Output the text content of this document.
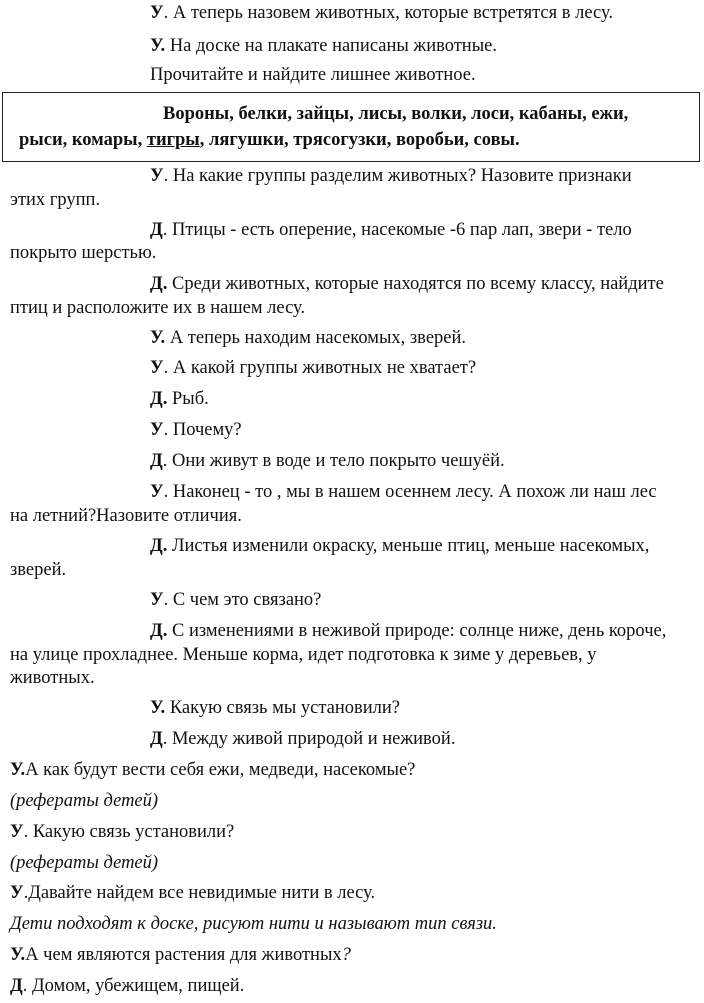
У. А теперь назовем животных, которые встретятся в лесу.
У. На доске на плакате написаны животные.
Прочитайте и найдите лишнее животное.
Вороны, белки, зайцы, лисы, волки, лоси, кабаны, ежи,
рыси, комары, тигры, лягушки, трясогузки, воробьи, совы.
У. На какие группы разделим животных? Назовите признаки
этих групп.
Д. Птицы - есть оперение, насекомые -6 пар лап, звери - тело
покрыто шерстью.
Д. Среди животных, которые находятся по всему классу, найдите
птиц и расположите их в нашем лесу.
У. А теперь находим насекомых, зверей.
У. А какой группы животных не хватает?
Д. Рыб.
У. Почему?
Д. Они живут в воде и тело покрыто чешуёй.
У. Наконец - то , мы в нашем осеннем лесу. А похож ли наш лес
на летний?Назовите отличия.
Д. Листья изменили окраску, меньше птиц, меньше насекомых,
зверей.
У. С чем это связано?
Д. С изменениями в неживой природе: солнце ниже, день короче,
на улице прохладнее. Меньше корма, идет подготовка к зиме у деревьев, у
животных.
У. Какую связь мы установили?
Д. Между живой природой и неживой.
У.А как будут вести себя ежи, медведи, насекомые?
(рефераты детей)
У. Какую связь установили?
(рефераты детей)
У.Давайте найдем все невидимые нити в лесу.
Дети подходят к доске, рисуют нити и называют тип связи.
У.А чем являются растения для животных?
Д. Домом, убежищем, пищей.
